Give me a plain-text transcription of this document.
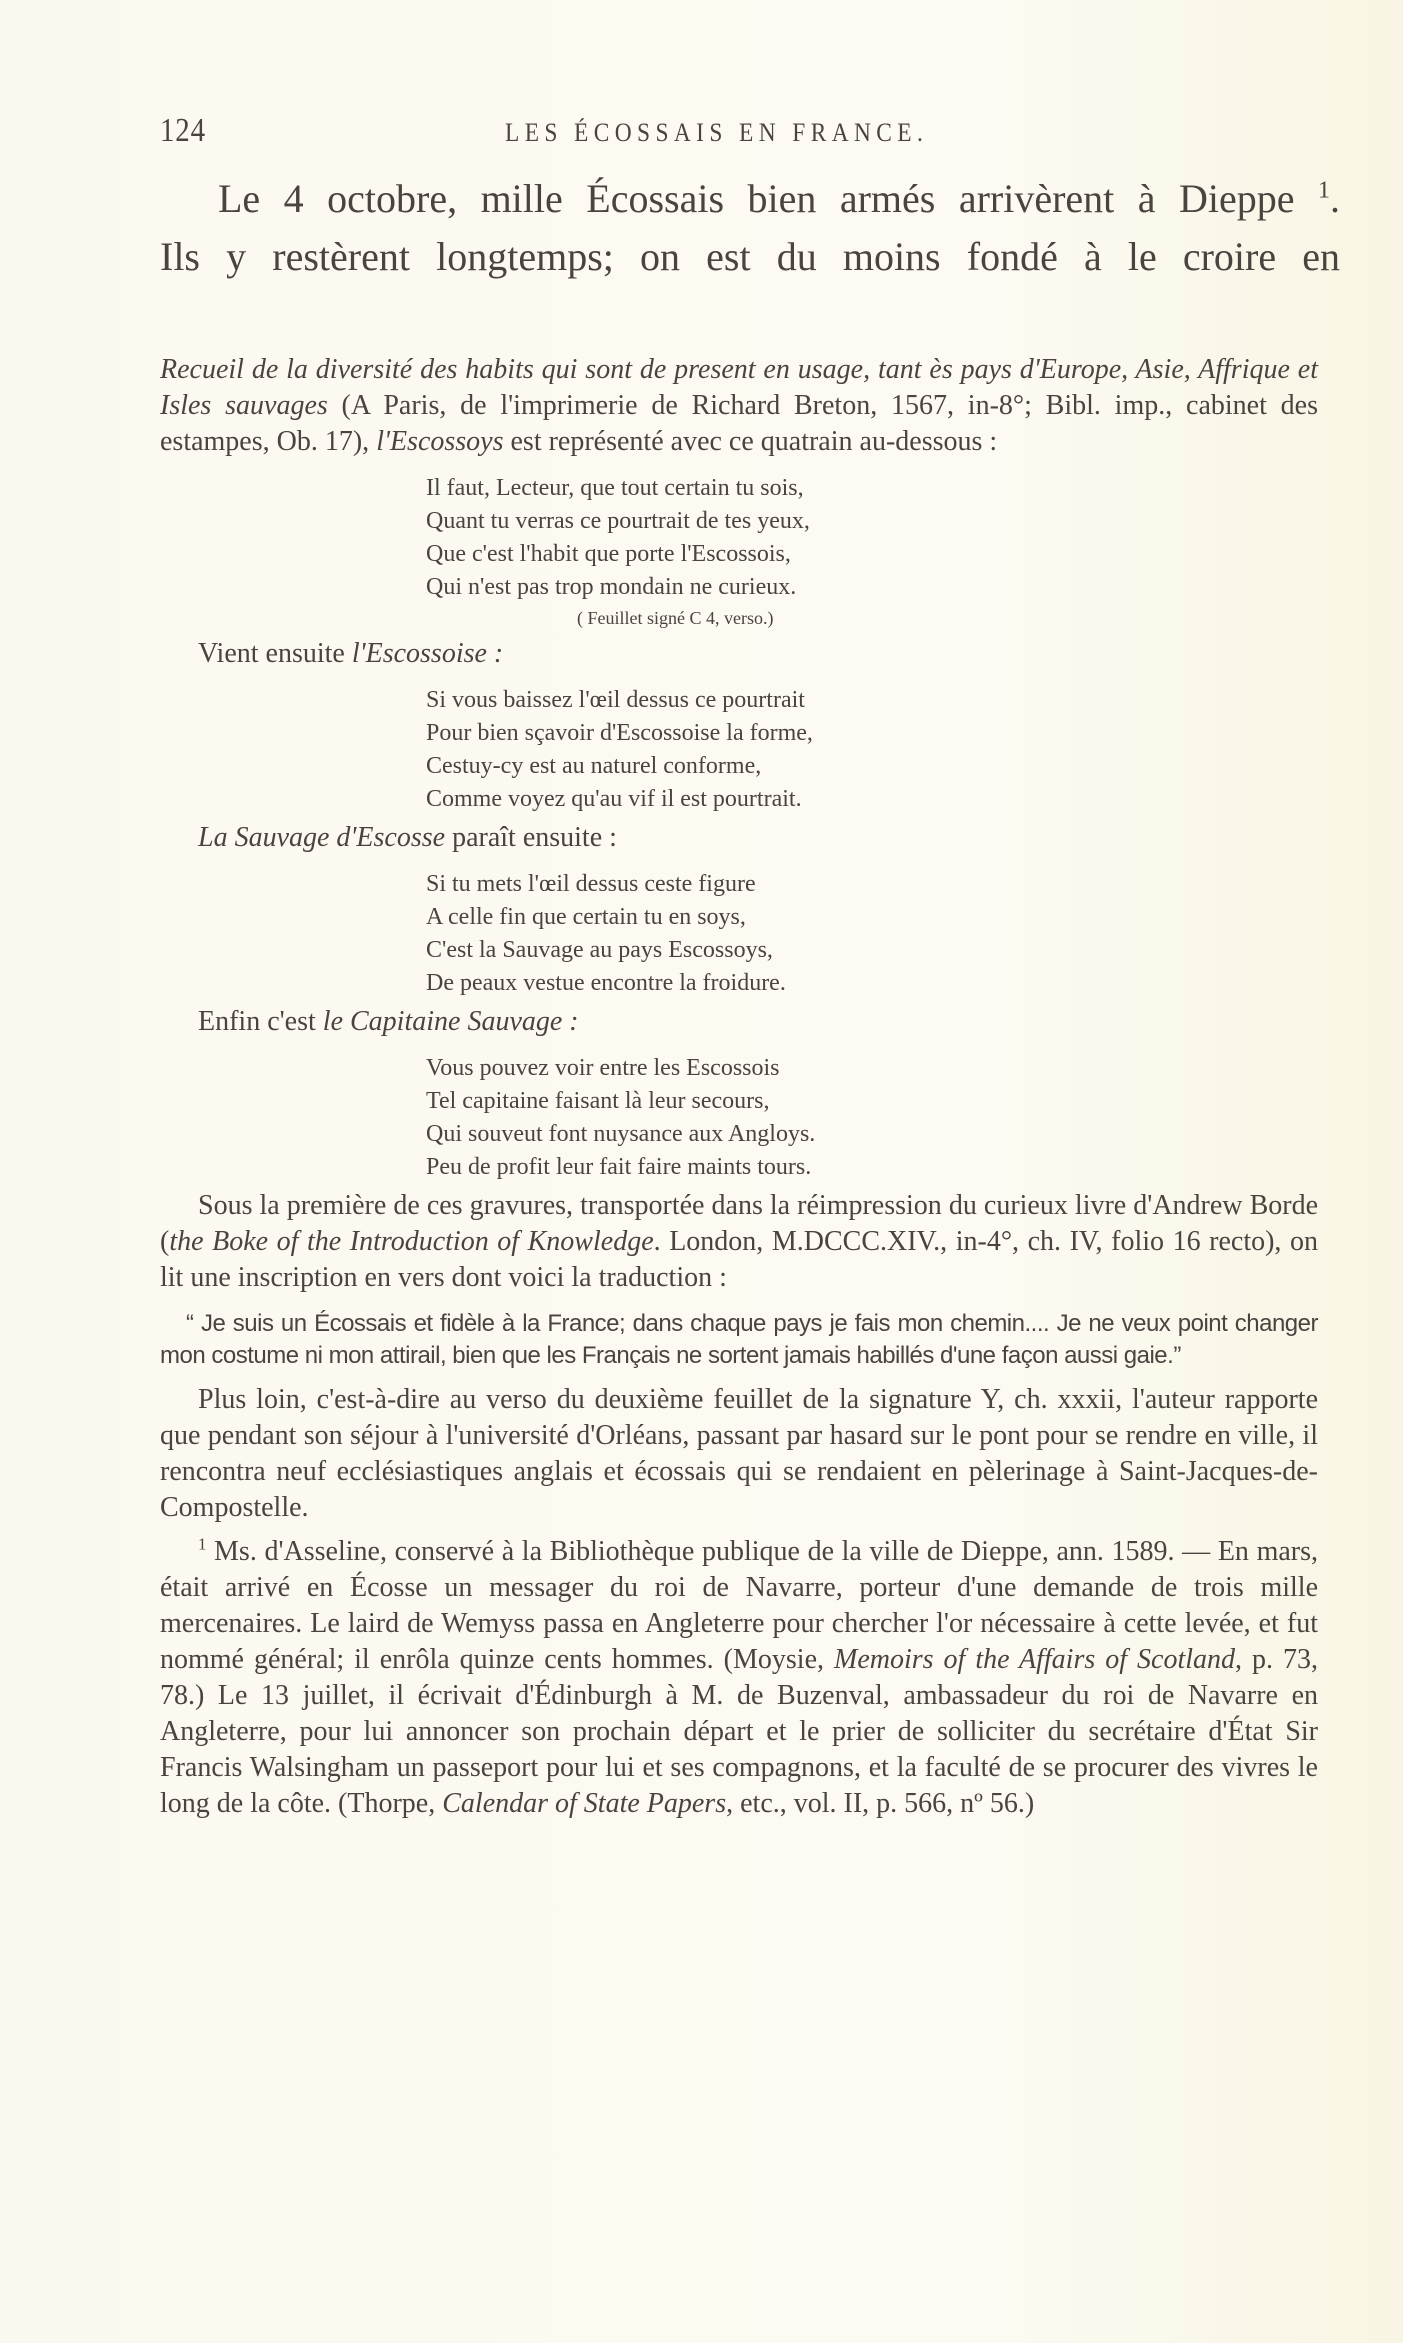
124	LES ÉCOSSAIS EN FRANCE.

Le 4 octobre, mille Écossais bien armés arrivèrent à Dieppe $^1$.

Ils y restèrent longtemps; on est du moins fondé à le croire en

Recueil de la diversité des habits qui sont de present en usage, tant ès pays d'Europe, Asie, Affrique et Isles sauvages (A Paris, de l'imprimerie de Richard Breton, 1567, in-8°; Bibl. imp., cabinet des estampes, Ob. 17), l'Escossoys est représenté avec ce quatrain au-dessous :

Il faut, Lecteur, que tout certain tu sois,
Quant tu verras ce pourtrait de tes yeux,
Que c'est l'habit que porte l'Escossois,
Qui n'est pas trop mondain ne curieux.
( Feuillet signé C 4, verso.)
Vient ensuite l'Escossoise :
Si vous baissez l'œil dessus ce pourtrait
Pour bien sçavoir d'Escossoise la forme,
Cestuy-cy est au naturel conforme,
Comme voyez qu'au vif il est pourtrait.
La Sauvage d'Escosse paraît ensuite :
Si tu mets l'œil dessus ceste figure
A celle fin que certain tu en soys,
C'est la Sauvage au pays Escossoys,
De peaux vestue encontre la froidure.
Enfin c'est le Capitaine Sauvage :
Vous pouvez voir entre les Escossois
Tel capitaine faisant là leur secours,
Qui souveut font nuysance aux Angloys.
Peu de profit leur fait faire maints tours.

Sous la première de ces gravures, transportée dans la réimpression du curieux livre d'Andrew Borde (the Boke of the Introduction of Knowledge. London, M.DCCC.XIV., in-4°, ch. IV, folio 16 recto), on lit une inscription en vers dont voici la traduction :

“ Je suis un Écossais et fidèle à la France; dans chaque pays je fais mon chemin.... Je ne veux point changer mon costume ni mon attirail, bien que les Français ne sortent jamais habillés d'une façon aussi gaie.”

Plus loin, c'est-à-dire au verso du deuxième feuillet de la signature Y, ch. xxxii, l'auteur rapporte que pendant son séjour à l'université d'Orléans, passant par hasard sur le pont pour se rendre en ville, il rencontra neuf ecclésiastiques anglais et écossais qui se rendaient en pèlerinage à Saint-Jacques-de-Compostelle.

$^1$ Ms. d'Asseline, conservé à la Bibliothèque publique de la ville de Dieppe, ann. 1589. — En mars, était arrivé en Écosse un messager du roi de Navarre, porteur d'une demande de trois mille mercenaires. Le laird de Wemyss passa en Angleterre pour chercher l'or nécessaire à cette levée, et fut nommé général; il enrôla quinze cents hommes. (Moysie, Memoirs of the Affairs of Scotland, p. 73, 78.) Le 13 juillet, il écrivait d'Édinburgh à M. de Buzenval, ambassadeur du roi de Navarre en Angleterre, pour lui annoncer son prochain départ et le prier de solliciter du secrétaire d'État Sir Francis Walsingham un passeport pour lui et ses compagnons, et la faculté de se procurer des vivres le long de la côte. (Thorpe, Calendar of State Papers, etc., vol. II, p. 566, nº 56.)
